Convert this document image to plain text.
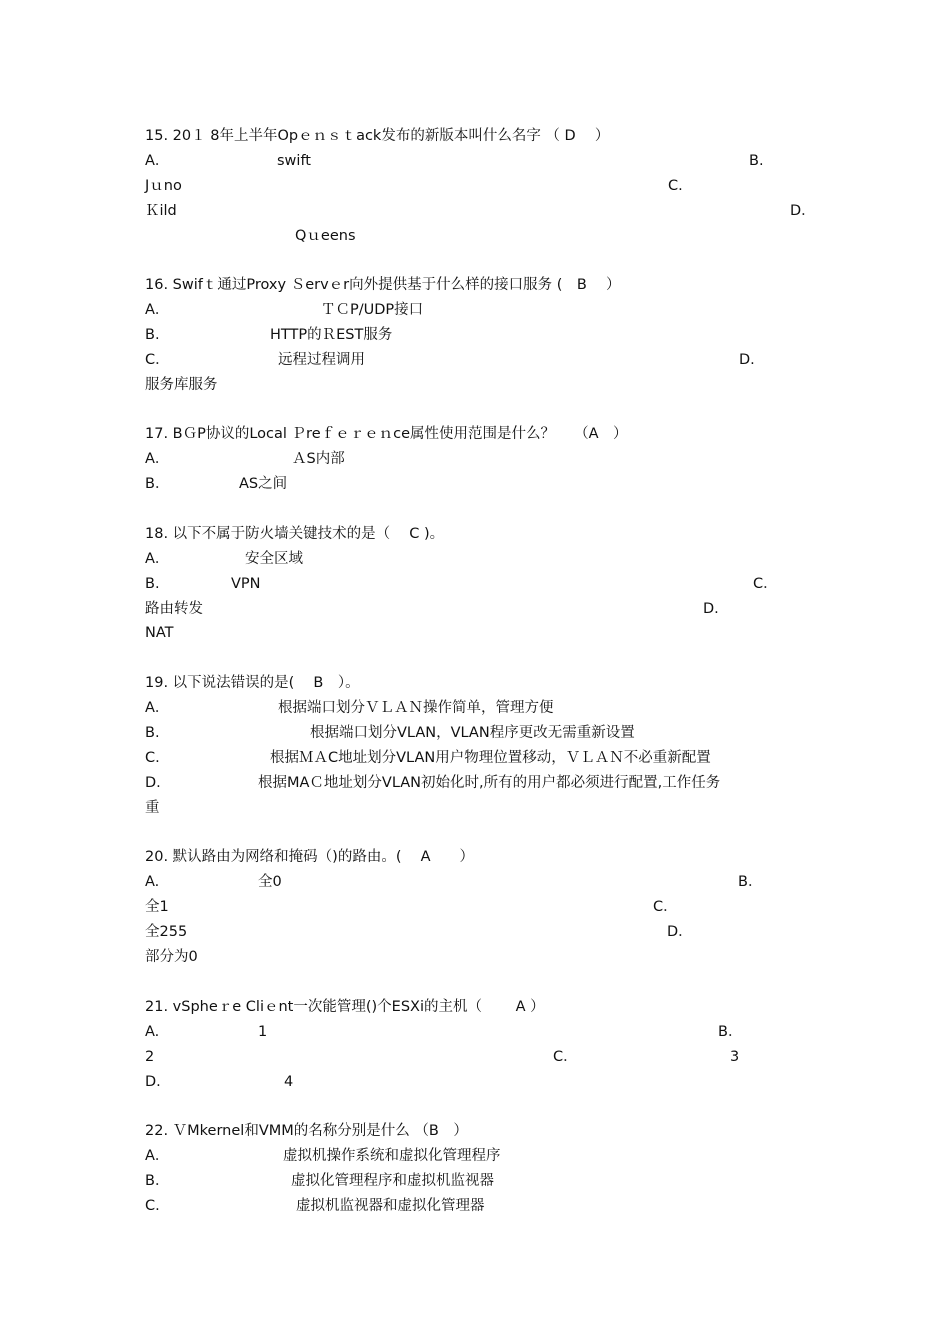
15. 20１ 8年上半年Opｅｎｓｔack发布的新版本叫什么名字 （ D　 ）
A．	swift	B.
Jｕno	C.
Ｋild	D．
Qｕeens
16. Swifｔ通过Proxy Ｓervｅr向外提供基于什么样的接口服务 (　B　 ）
A．	ＴＣP/UDP接口
B.	HTTP的ＲEST服务
C．	远程过程调用	D.
服务库服务
17. BＧP协议的Local Ｐreｆｅｒｅｎce属性使用范围是什么？　 （A　）
A．	ＡS内部
B．	AS之间
18. 以下不属于防火墙关键技术的是（　 C )。
A．	安全区域
B.	VPN	C．
路由转发	D.
NAT
19. 以下说法错误的是(　 B　）。
A．	根据端口划分ＶＬＡＮ操作简单，管理方便
B.	根据端口划分VLAN，VLAN程序更改无需重新设置
C.	根据ＭＡC地址划分VLAN用户物理位置移动，ＶＬＡＮ不必重新配置
D.	根据MAＣ地址划分VLAN初始化时,所有的用户都必须进行配置,工作任务
重
20. 默认路由为网络和掩码（)的路由。(　 A　　）
A.	全0	B．
全1	C．
全255	D．
部分为0
21. vSpheｒe Cliｅnt一次能管理()个ESXi的主机（　　 A ）
A.	1	B．
2	C．	3
D.	4
22. ＶMkernel和VMM的名称分别是什么 （B　）
A．	虚拟机操作系统和虚拟化管理程序
B．	虚拟化管理程序和虚拟机监视器
C.	虚拟机监视器和虚拟化管理器
